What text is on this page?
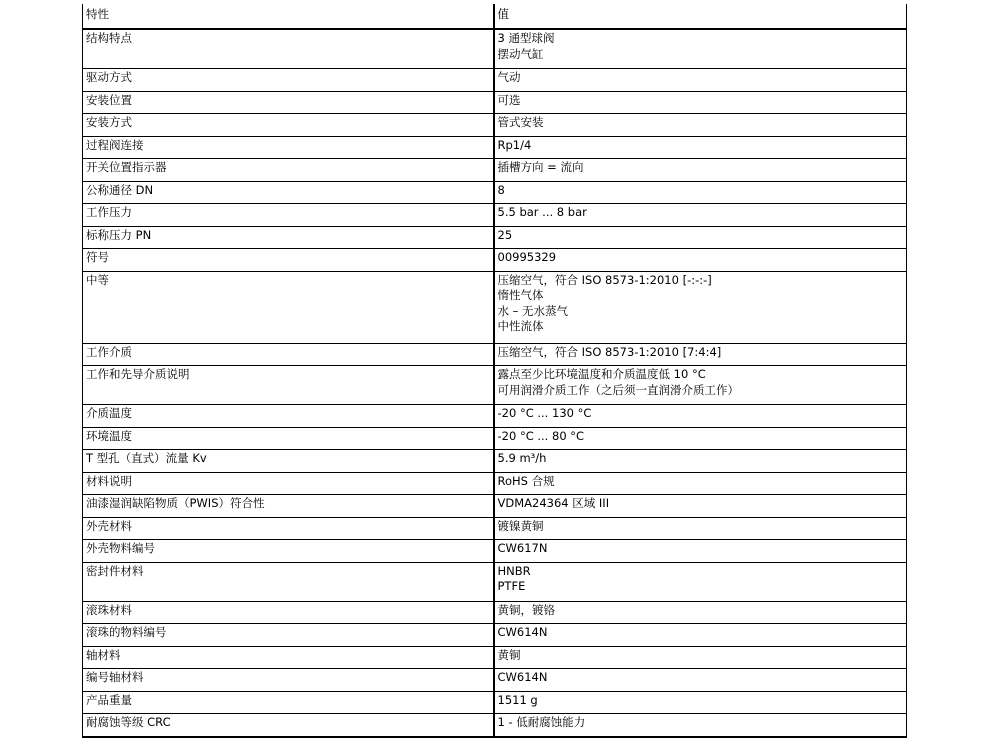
特性	值
结构特点	3 通型球阀
摆动气缸

驱动方式	气动

安装位置	可选

安装方式	管式安装

过程阀连接	Rp1/4

开关位置指示器	插槽方向 = 流向

公称通径 DN	8

工作压力	5.5 bar ... 8 bar

标称压力 PN	25

符号	00995329

中等	压缩空气，符合 ISO 8573-1:2010 [-:-:-]
惰性气体
水 – 无水蒸气
中性流体

工作介质	压缩空气，符合 ISO 8573-1:2010 [7:4:4]

工作和先导介质说明	露点至少比环境温度和介质温度低 10 °C
可用润滑介质工作（之后须一直润滑介质工作）

介质温度	-20 °C ... 130 °C

环境温度	-20 °C ... 80 °C

T 型孔（直式）流量 Kv	5.9 m³/h

材料说明	RoHS 合规

油漆湿润缺陷物质（PWIS）符合性	VDMA24364 区域 III

外壳材料	镀镍黄铜

外壳物料编号	CW617N

密封件材料	HNBR
PTFE

滚珠材料	黄铜，镀铬

滚珠的物料编号	CW614N

轴材料	黄铜

编号轴材料	CW614N

产品重量	1511 g

耐腐蚀等级 CRC	1 - 低耐腐蚀能力
